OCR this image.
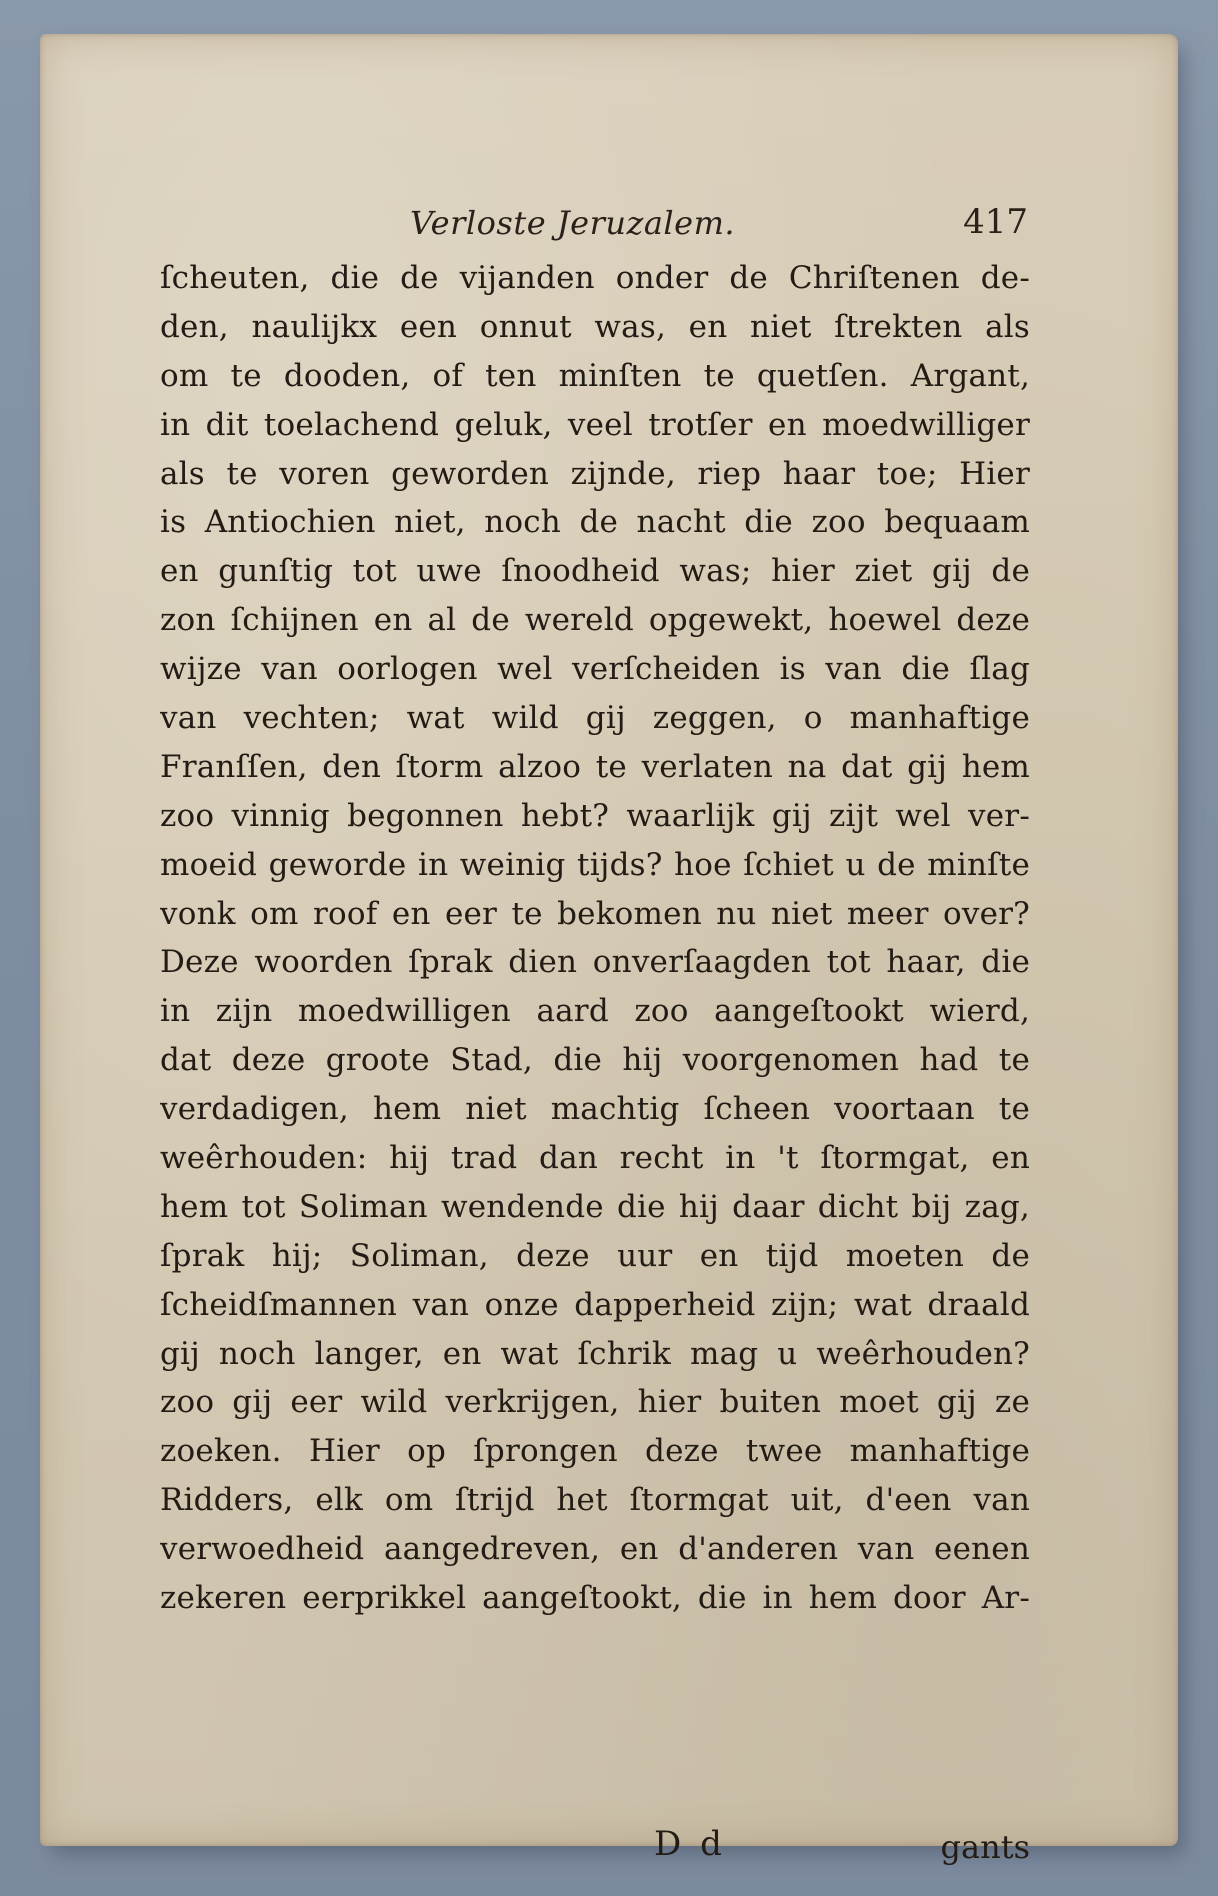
Verloste Jeruzalem.	417
ſcheuten, die de vijanden onder de Chriſtenen de-
den, naulijkx een onnut was, en niet ſtrekten als
om te dooden, of ten minſten te quetſen. Argant,
in dit toelachend geluk, veel trotſer en moedwilliger
als te voren geworden zijnde, riep haar toe; Hier
is Antiochien niet, noch de nacht die zoo bequaam
en gunſtig tot uwe ſnoodheid was; hier ziet gij de
zon ſchijnen en al de wereld opgewekt, hoewel deze
wijze van oorlogen wel verſcheiden is van die ſlag
van vechten; wat wild gij zeggen, o manhaftige
Franſſen, den ſtorm alzoo te verlaten na dat gij hem
zoo vinnig begonnen hebt? waarlijk gij zijt wel ver-
moeid geworde in weinig tijds? hoe ſchiet u de minſte
vonk om roof en eer te bekomen nu niet meer over?
Deze woorden ſprak dien onverſaagden tot haar, die
in zijn moedwilligen aard zoo aangeſtookt wierd,
dat deze groote Stad, die hij voorgenomen had te
verdadigen, hem niet machtig ſcheen voortaan te
weêrhouden: hij trad dan recht in 't ſtormgat, en
hem tot Soliman wendende die hij daar dicht bij zag,
ſprak hij; Soliman, deze uur en tijd moeten de
ſcheidſmannen van onze dapperheid zijn; wat draald
gij noch langer, en wat ſchrik mag u weêrhouden?
zoo gij eer wild verkrijgen, hier buiten moet gij ze
zoeken. Hier op ſprongen deze twee manhaftige
Ridders, elk om ſtrijd het ſtormgat uit, d'een van
verwoedheid aangedreven, en d'anderen van eenen
zekeren eerprikkel aangeſtookt, die in hem door Ar-
D d	gants
